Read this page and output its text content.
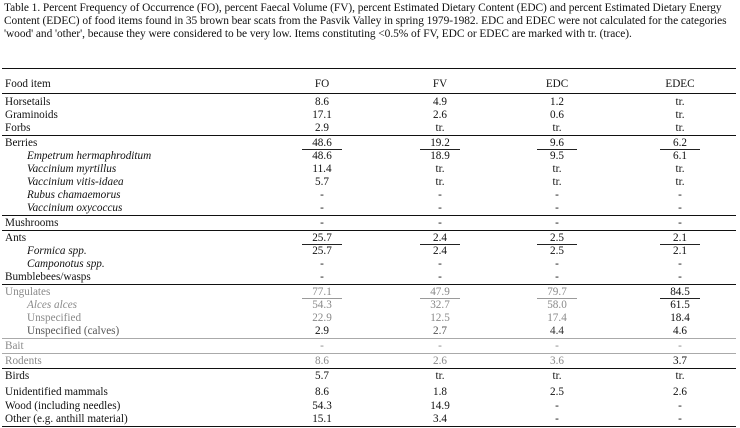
Table 1. Percent Frequency of Occurrence (FO), percent Faecal Volume (FV), percent Estimated Dietary Content (EDC) and percent Estimated Dietary Energy Content (EDEC) of food items found in 35 brown bear scats from the Pasvik Valley in spring 1979-1982. EDC and EDEC were not calculated for the categories 'wood' and 'other', because they were considered to be very low. Items constituting <0.5% of FV, EDC or EDEC are marked with tr. (trace).
Food item	FO	FV	EDC	EDEC
Horsetails	8.6	4.9	1.2	tr.
Graminoids	17.1	2.6	0.6	tr.
Forbs	2.9	tr.	tr.	tr.
Berries	48.6	19.2	9.6	6.2
Empetrum hermaphroditum	48.6	18.9	9.5	6.1
Vaccinium myrtillus	11.4	tr.	tr.	tr.
Vaccinium vitis-idaea	5.7	tr.	tr.	tr.
Rubus chamaemorus	-	-	-	-
Vaccinium oxycoccus	-	-	-	-
Mushrooms	-	-	-	-
Ants	25.7	2.4	2.5	2.1
Formica spp.	25.7	2.4	2.5	2.1
Camponotus spp.	-	-	-	-
Bumblebees/wasps	-	-	-	-
Ungulates	77.1	47.9	79.7	84.5
Alces alces	54.3	32.7	58.0	61.5
Unspecified	22.9	12.5	17.4	18.4
Unspecified (calves)	2.9	2.7	4.4	4.6
Bait	-	-	-	-
Rodents	8.6	2.6	3.6	3.7
Birds	5.7	tr.	tr.	tr.
Unidentified mammals	8.6	1.8	2.5	2.6
Wood (including needles)	54.3	14.9	-	-
Other (e.g. anthill material)	15.1	3.4	-	-
